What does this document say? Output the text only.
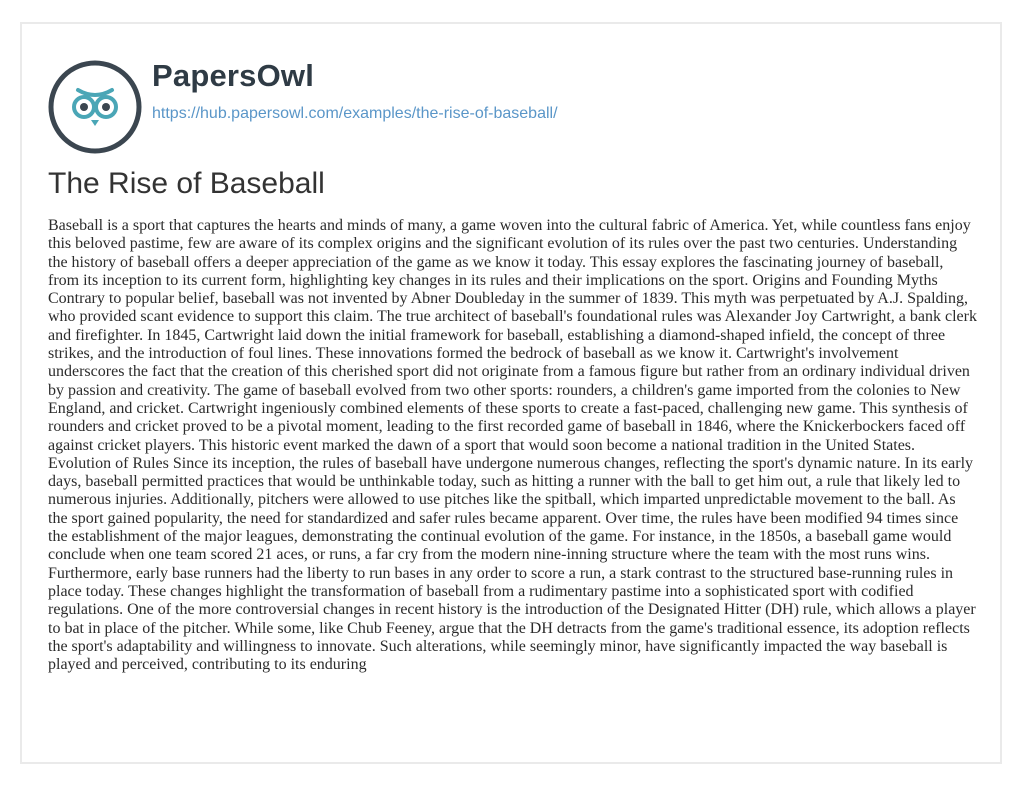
PapersOwl
https://hub.papersowl.com/examples/the-rise-of-baseball/
The Rise of Baseball

Baseball is a sport that captures the hearts and minds of many, a game woven into the cultural fabric of America. Yet, while countless fans enjoy this beloved pastime, few are aware of its complex origins and the significant evolution of its rules over the past two centuries. Understanding the history of baseball offers a deeper appreciation of the game as we know it today. This essay explores the fascinating journey of baseball, from its inception to its current form, highlighting key changes in its rules and their implications on the sport. Origins and Founding Myths Contrary to popular belief, baseball was not invented by Abner Doubleday in the summer of 1839. This myth was perpetuated by A.J. Spalding, who provided scant evidence to support this claim. The true architect of baseball's foundational rules was Alexander Joy Cartwright, a bank clerk and firefighter. In 1845, Cartwright laid down the initial framework for baseball, establishing a diamond-shaped infield, the concept of three strikes, and the introduction of foul lines. These innovations formed the bedrock of baseball as we know it. Cartwright's involvement underscores the fact that the creation of this cherished sport did not originate from a famous figure but rather from an ordinary individual driven by passion and creativity. The game of baseball evolved from two other sports: rounders, a children's game imported from the colonies to New England, and cricket. Cartwright ingeniously combined elements of these sports to create a fast-paced, challenging new game. This synthesis of rounders and cricket proved to be a pivotal moment, leading to the first recorded game of baseball in 1846, where the Knickerbockers faced off against cricket players. This historic event marked the dawn of a sport that would soon become a national tradition in the United States. Evolution of Rules Since its inception, the rules of baseball have undergone numerous changes, reflecting the sport's dynamic nature. In its early days, baseball permitted practices that would be unthinkable today, such as hitting a runner with the ball to get him out, a rule that likely led to numerous injuries. Additionally, pitchers were allowed to use pitches like the spitball, which imparted unpredictable movement to the ball. As the sport gained popularity, the need for standardized and safer rules became apparent. Over time, the rules have been modified 94 times since the establishment of the major leagues, demonstrating the continual evolution of the game. For instance, in the 1850s, a baseball game would conclude when one team scored 21 aces, or runs, a far cry from the modern nine-inning structure where the team with the most runs wins. Furthermore, early base runners had the liberty to run bases in any order to score a run, a stark contrast to the structured base-running rules in place today. These changes highlight the transformation of baseball from a rudimentary pastime into a sophisticated sport with codified regulations. One of the more controversial changes in recent history is the introduction of the Designated Hitter (DH) rule, which allows a player to bat in place of the pitcher. While some, like Chub Feeney, argue that the DH detracts from the game's traditional essence, its adoption reflects the sport's adaptability and willingness to innovate. Such alterations, while seemingly minor, have significantly impacted the way baseball is played and perceived, contributing to its enduring
